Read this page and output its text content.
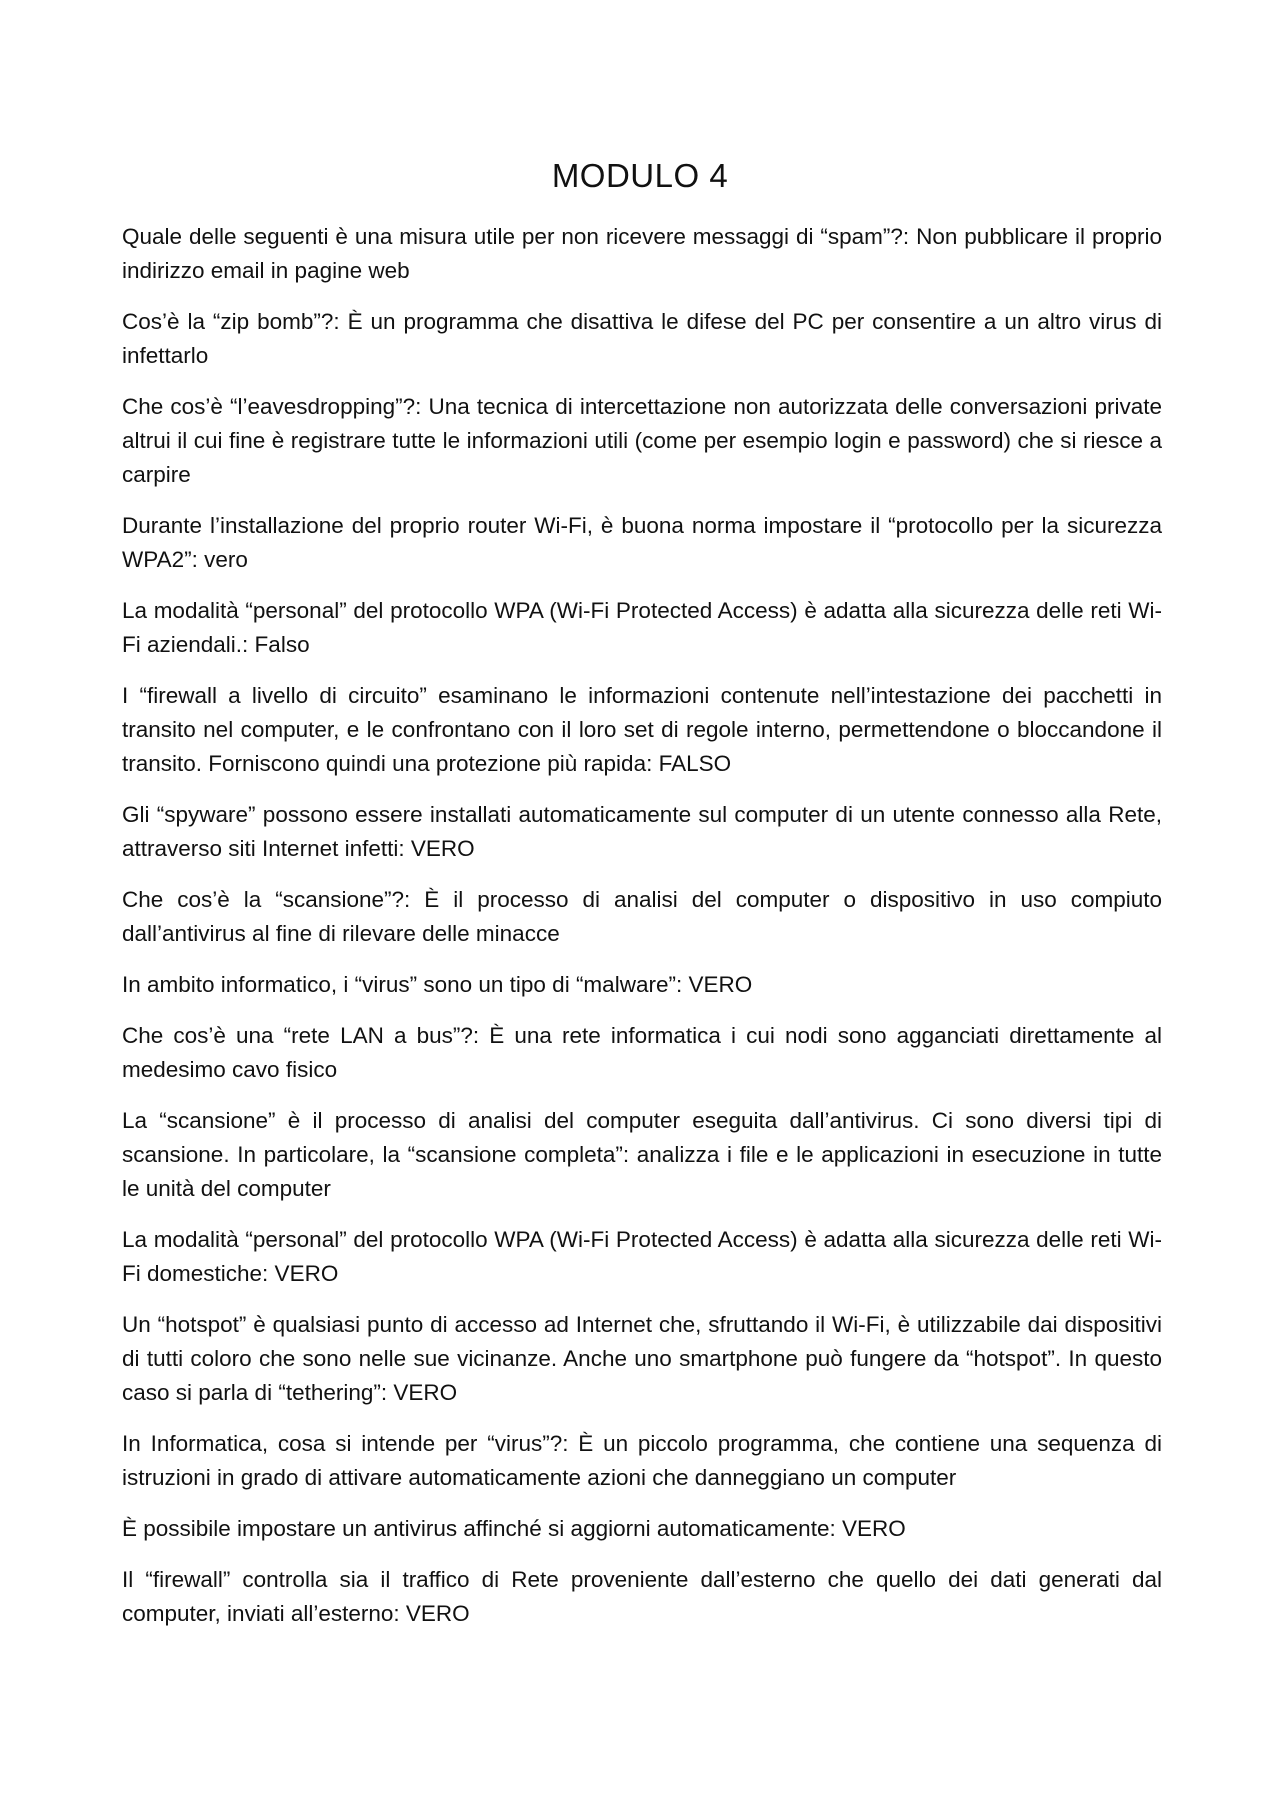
MODULO 4

Quale delle seguenti è una misura utile per non ricevere messaggi di “spam”?: Non pubblicare il proprio indirizzo email in pagine web

Cos’è la “zip bomb”?: È un programma che disattiva le difese del PC per consentire a un altro virus di infettarlo

Che cos’è “l’eavesdropping”?: Una tecnica di intercettazione non autorizzata delle conversazioni private altrui il cui fine è registrare tutte le informazioni utili (come per esempio login e password) che si riesce a carpire

Durante l’installazione del proprio router Wi-Fi, è buona norma impostare il “protocollo per la sicurezza WPA2”: vero

La modalità “personal” del protocollo WPA (Wi-Fi Protected Access) è adatta alla sicurezza delle reti Wi-Fi aziendali.: Falso

I “firewall a livello di circuito” esaminano le informazioni contenute nell’intestazione dei pacchetti in transito nel computer, e le confrontano con il loro set di regole interno, permettendone o bloccandone il transito. Forniscono quindi una protezione più rapida: FALSO

Gli “spyware” possono essere installati automaticamente sul computer di un utente connesso alla Rete, attraverso siti Internet infetti: VERO

Che cos’è la “scansione”?: È il processo di analisi del computer o dispositivo in uso compiuto dall’antivirus al fine di rilevare delle minacce

In ambito informatico, i “virus” sono un tipo di “malware”: VERO

Che cos’è una “rete LAN a bus”?: È una rete informatica i cui nodi sono agganciati direttamente al medesimo cavo fisico

La “scansione” è il processo di analisi del computer eseguita dall’antivirus. Ci sono diversi tipi di scansione. In particolare, la “scansione completa”: analizza i file e le applicazioni in esecuzione in tutte le unità del computer

La modalità “personal” del protocollo WPA (Wi-Fi Protected Access) è adatta alla sicurezza delle reti Wi-Fi domestiche: VERO

Un “hotspot” è qualsiasi punto di accesso ad Internet che, sfruttando il Wi-Fi, è utilizzabile dai dispositivi di tutti coloro che sono nelle sue vicinanze. Anche uno smartphone può fungere da “hotspot”. In questo caso si parla di “tethering”: VERO

In Informatica, cosa si intende per “virus”?: È un piccolo programma, che contiene una sequenza di istruzioni in grado di attivare automaticamente azioni che danneggiano un computer

È possibile impostare un antivirus affinché si aggiorni automaticamente: VERO

Il “firewall” controlla sia il traffico di Rete proveniente dall’esterno che quello dei dati generati dal computer, inviati all’esterno: VERO
